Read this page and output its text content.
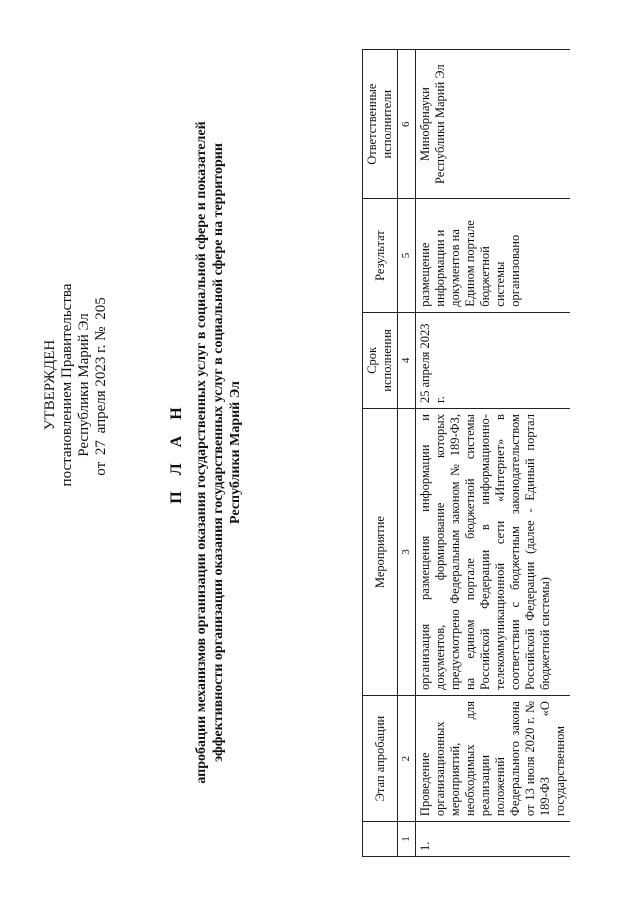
УТВЕРЖДЕН постановлением Правительства Республики Марий Эл
от 27 апреля 2023 г. № 205
П Л А Н апробации механизмов организации оказания государственных услуг в социальной сфере и показателей эффективности организации оказания государственных услуг в социальной сфере на территории Республики Марий Эл
	Этап апробации	Мероприятие	Срок исполнения	Результат	Ответственные исполнители
1	2	3	4	5	6
1.	Проведение организационных мероприятий, необходимых для реализации положений Федерального закона от 13 июля 2020 г. № 189-ФЗ «О государственном	организация размещения информации и документов, формирование которых предусмотрено Федеральным законом № 189-ФЗ, на едином портале бюджетной системы Российской Федерации в информационно-телекоммуникационной сети «Интернет» в соответствии с бюджетным законодательством Российской Федерации (далее - Единый портал бюджетной системы)	25 апреля 2023 г.	размещение информации и документов на Едином портале бюджетной системы организовано	Минобрнауки Республики Марий Эл
